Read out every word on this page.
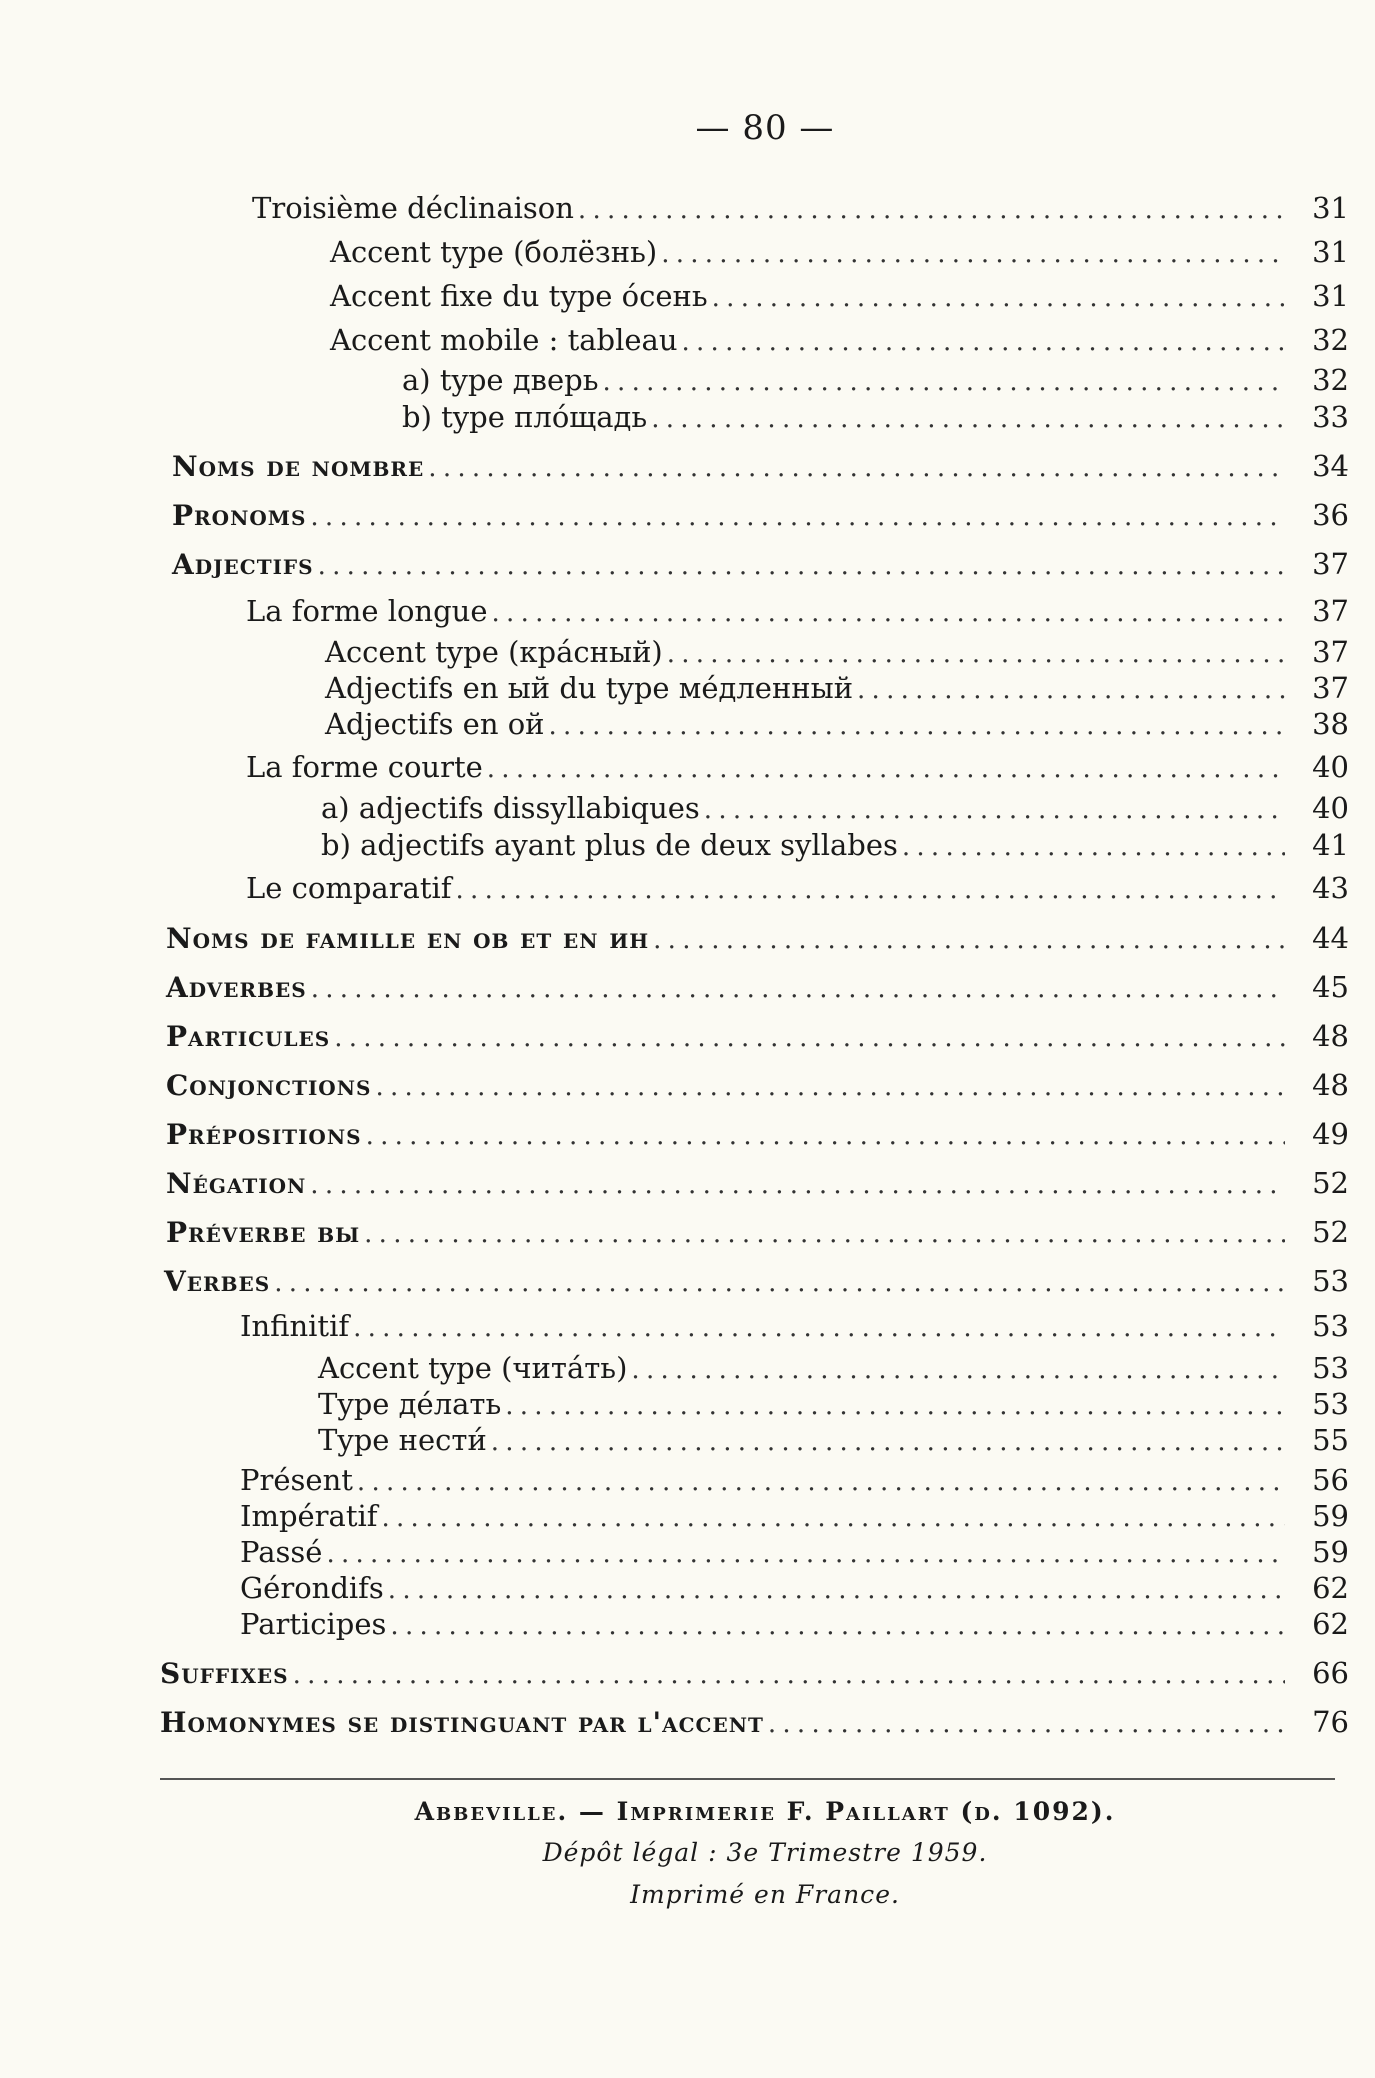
— 80 —
Troisième déclinaison . . .	31
Accent type (болёзнь) . . .	31
Accent fixe du type о́сень . . .	31
Accent mobile : tableau . . .	32
a) type дверь . . .	32
b) type пло́щадь . . .	33
Noms de nombre . . .	34
Pronoms . . .	36
Adjectifs . . .	37
La forme longue . . .	37
Accent type (кра́сный) . . .	37
Adjectifs en ый du type ме́дленный . . .	37
Adjectifs en ой . . .	38
La forme courte . . .	40
a) adjectifs dissyllabiques . . .	40
b) adjectifs ayant plus de deux syllabes . . .	41
Le comparatif . . .	43
Noms de famille en ов et en ин . . .	44
Adverbes . . .	45
Particules . . .	48
Conjonctions . . .	48
Prépositions . . .	49
Négation . . .	52
Préverbe вы . . .	52
Verbes . . .	53
Infinitif . . .	53
Accent type (чита́ть) . . .	53
Type де́лать . . .	53
Type нести́ . . .	55
Présent . . .	56
Impératif . . .	59
Passé . . .	59
Gérondifs . . .	62
Participes . . .	62
Suffixes . . .	66
Homonymes se distinguant par l'accent . . .	76
Abbeville. — Imprimerie F. Paillart (d. 1092).
Dépôt légal : 3e Trimestre 1959.
Imprimé en France.
